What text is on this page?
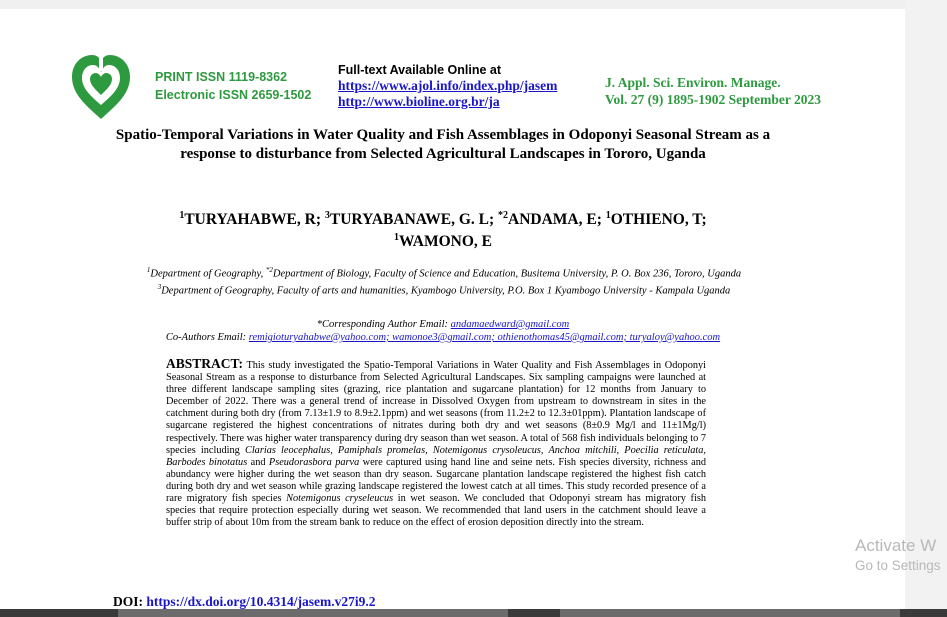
PRINT ISSN 1119-8362
Electronic ISSN 2659-1502
Full-text Available Online at
https://www.ajol.info/index.php/jasem
http://www.bioline.org.br/ja
J. Appl. Sci. Environ. Manage.
Vol. 27 (9) 1895-1902 September 2023
Spatio-Temporal Variations in Water Quality and Fish Assemblages in Odoponyi Seasonal Stream as a response to disturbance from Selected Agricultural Landscapes in Tororo, Uganda
$^1$TURYAHABWE, R; $^3$TURYABANAWE, G. L; $^{*2}$ANDAMA, E; $^1$OTHIENO, T;
$^1$WAMONO, E
$^1$Department of Geography, $^{*2}$Department of Biology, Faculty of Science and Education, Busitema University, P. O. Box 236, Tororo, Uganda
$^3$Department of Geography, Faculty of arts and humanities, Kyambogo University, P.O. Box 1 Kyambogo University - Kampala Uganda
*Corresponding Author Email: andamaedward@gmail.com
Co-Authors Email: remigioturyahabwe@yahoo.com; wamonoe3@gmail.com; othienothomas45@gmail.com; turyaloy@yahoo.com
ABSTRACT: This study investigated the Spatio-Temporal Variations in Water Quality and Fish Assemblages in Odoponyi Seasonal Stream as a response to disturbance from Selected Agricultural Landscapes. Six sampling campaigns were launched at three different landscape sampling sites (grazing, rice plantation and sugarcane plantation) for 12 months from January to December of 2022. There was a general trend of increase in Dissolved Oxygen from upstream to downstream in sites in the catchment during both dry (from 7.13±1.9 to 8.9±2.1ppm) and wet seasons (from 11.2±2 to 12.3±01ppm). Plantation landscape of sugarcane registered the highest concentrations of nitrates during both dry and wet seasons (8±0.9 Mg/l and 11±1Mg/l) respectively. There was higher water transparency during dry season than wet season. A total of 568 fish individuals belonging to 7 species including Clarias leocephalus, Pamiphals promelas, Notemigonus crysoleucus, Anchoa mitchili, Poecilia reticulata, Barbodes binotatus and Pseudorasbora parva were captured using hand line and seine nets. Fish species diversity, richness and abundancy were higher during the wet season than dry season. Sugarcane plantation landscape registered the highest fish catch during both dry and wet season while grazing landscape registered the lowest catch at all times. This study recorded presence of a rare migratory fish species Notemigonus cryseleucus in wet season. We concluded that Odoponyi stream has migratory fish species that require protection especially during wet season. We recommended that land users in the catchment should leave a buffer strip of about 10m from the stream bank to reduce on the effect of erosion deposition directly into the stream.
DOI: https://dx.doi.org/10.4314/jasem.v27i9.2
Activate W
Go to Settings
